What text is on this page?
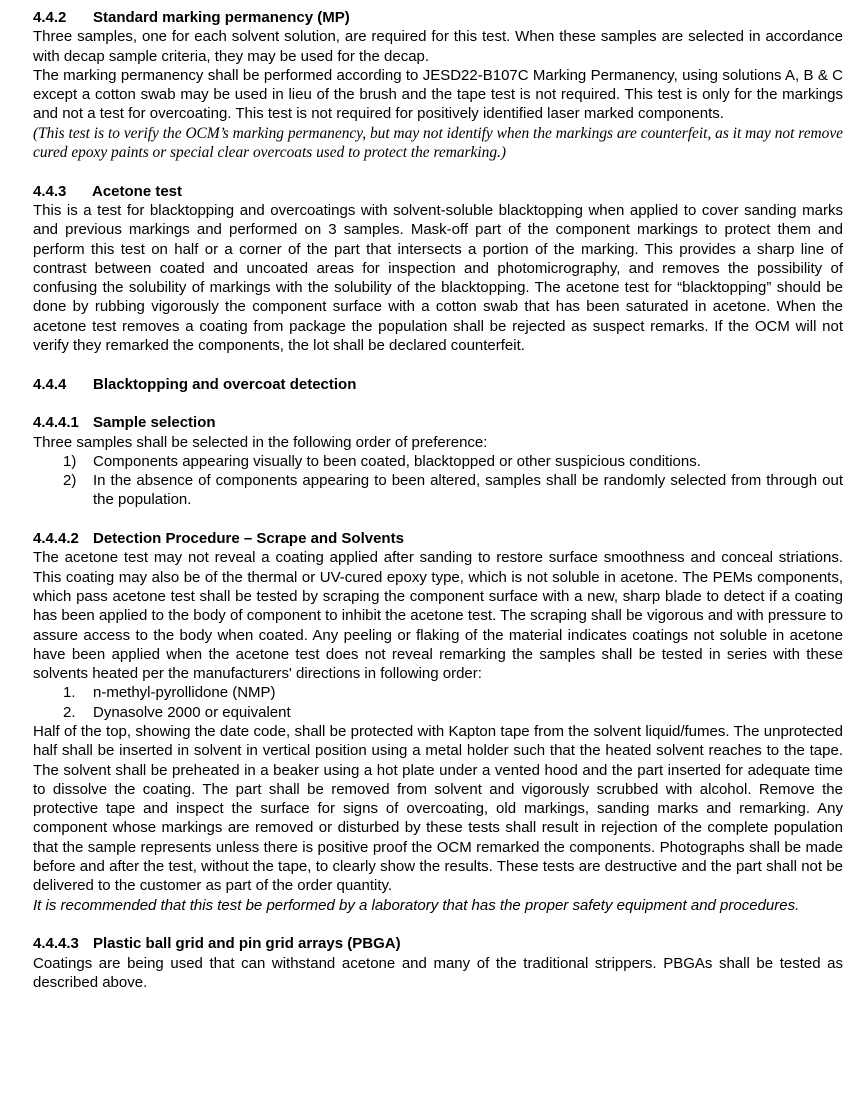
4.4.2 Standard marking permanency (MP)

Three samples, one for each solvent solution, are required for this test. When these samples are selected in accordance with decap sample criteria, they may be used for the decap.

The marking permanency shall be performed according to JESD22-B107C Marking Permanency, using solutions A, B & C except a cotton swab may be used in lieu of the brush and the tape test is not required. This test is only for the markings and not a test for overcoating. This test is not required for positively identified laser marked components.

(This test is to verify the OCM’s marking permanency, but may not identify when the markings are counterfeit, as it may not remove cured epoxy paints or special clear overcoats used to protect the remarking.)

4.4.3 Acetone test

This is a test for blacktopping and overcoatings with solvent-soluble blacktopping when applied to cover sanding marks and previous markings and performed on 3 samples. Mask-off part of the component markings to protect them and perform this test on half or a corner of the part that intersects a portion of the marking. This provides a sharp line of contrast between coated and uncoated areas for inspection and photomicrography, and removes the possibility of confusing the solubility of markings with the solubility of the blacktopping. The acetone test for “blacktopping” should be done by rubbing vigorously the component surface with a cotton swab that has been saturated in acetone. When the acetone test removes a coating from package the population shall be rejected as suspect remarks. If the OCM will not verify they remarked the components, the lot shall be declared counterfeit.

4.4.4 Blacktopping and overcoat detection
4.4.4.1 Sample selection

Three samples shall be selected in the following order of preference:

1) Components appearing visually to been coated, blacktopped or other suspicious conditions.
2) In the absence of components appearing to been altered, samples shall be randomly selected from through out the population.
4.4.4.2 Detection Procedure – Scrape and Solvents

The acetone test may not reveal a coating applied after sanding to restore surface smoothness and conceal striations. This coating may also be of the thermal or UV-cured epoxy type, which is not soluble in acetone. The PEMs components, which pass acetone test shall be tested by scraping the component surface with a new, sharp blade to detect if a coating has been applied to the body of component to inhibit the acetone test. The scraping shall be vigorous and with pressure to assure access to the body when coated. Any peeling or flaking of the material indicates coatings not soluble in acetone have been applied when the acetone test does not reveal remarking the samples shall be tested in series with these solvents heated per the manufacturers' directions in following order:

1. n-methyl-pyrollidone (NMP)
2. Dynasolve 2000 or equivalent

Half of the top, showing the date code, shall be protected with Kapton tape from the solvent liquid/fumes. The unprotected half shall be inserted in solvent in vertical position using a metal holder such that the heated solvent reaches to the tape. The solvent shall be preheated in a beaker using a hot plate under a vented hood and the part inserted for adequate time to dissolve the coating. The part shall be removed from solvent and vigorously scrubbed with alcohol. Remove the protective tape and inspect the surface for signs of overcoating, old markings, sanding marks and remarking. Any component whose markings are removed or disturbed by these tests shall result in rejection of the complete population that the sample represents unless there is positive proof the OCM remarked the components. Photographs shall be made before and after the test, without the tape, to clearly show the results. These tests are destructive and the part shall not be delivered to the customer as part of the order quantity.

It is recommended that this test be performed by a laboratory that has the proper safety equipment and procedures.

4.4.4.3 Plastic ball grid and pin grid arrays (PBGA)

Coatings are being used that can withstand acetone and many of the traditional strippers. PBGAs shall be tested as described above.
